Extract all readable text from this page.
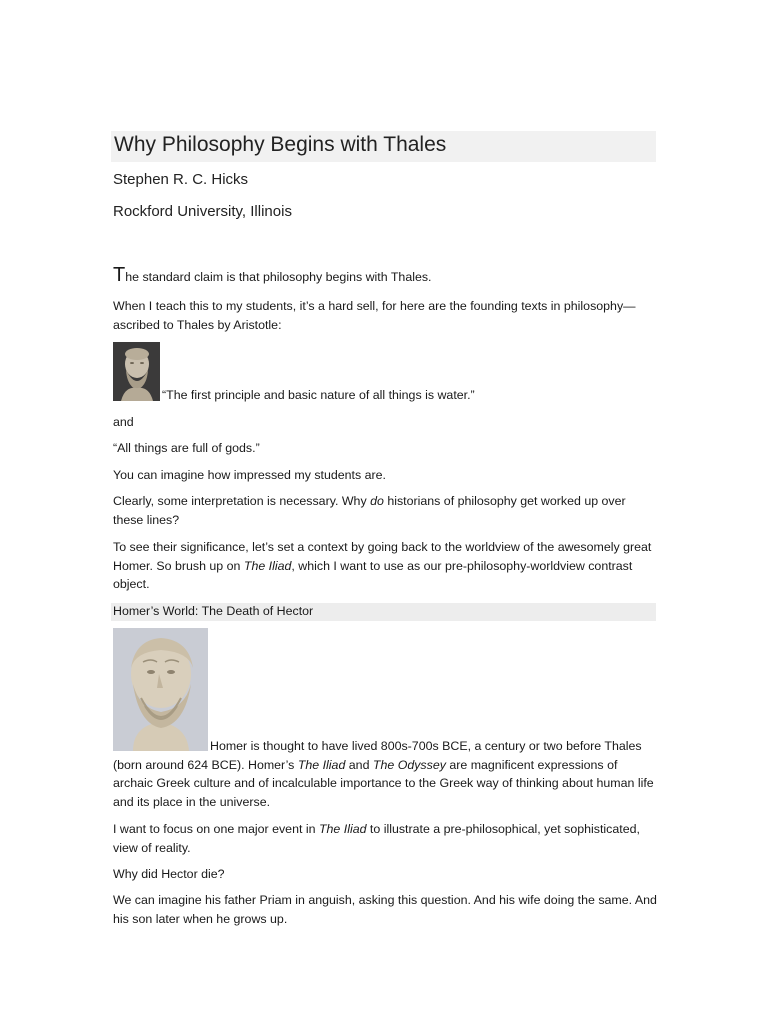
Why Philosophy Begins with Thales
Stephen R. C. Hicks
Rockford University, Illinois
The standard claim is that philosophy begins with Thales.
When I teach this to my students, it’s a hard sell, for here are the founding texts in philosophy—ascribed to Thales by Aristotle:
“The first principle and basic nature of all things is water.”
and
“All things are full of gods.”
You can imagine how impressed my students are.
Clearly, some interpretation is necessary. Why do historians of philosophy get worked up over these lines?
To see their significance, let’s set a context by going back to the worldview of the awesomely great Homer. So brush up on The Iliad, which I want to use as our pre-philosophy-worldview contrast object.
Homer’s World: The Death of Hector
Homer is thought to have lived 800s-700s BCE, a century or two before Thales (born around 624 BCE). Homer’s The Iliad and The Odyssey are magnificent expressions of archaic Greek culture and of incalculable importance to the Greek way of thinking about human life and its place in the universe.
I want to focus on one major event in The Iliad to illustrate a pre-philosophical, yet sophisticated, view of reality.
Why did Hector die?
We can imagine his father Priam in anguish, asking this question. And his wife doing the same. And his son later when he grows up.
